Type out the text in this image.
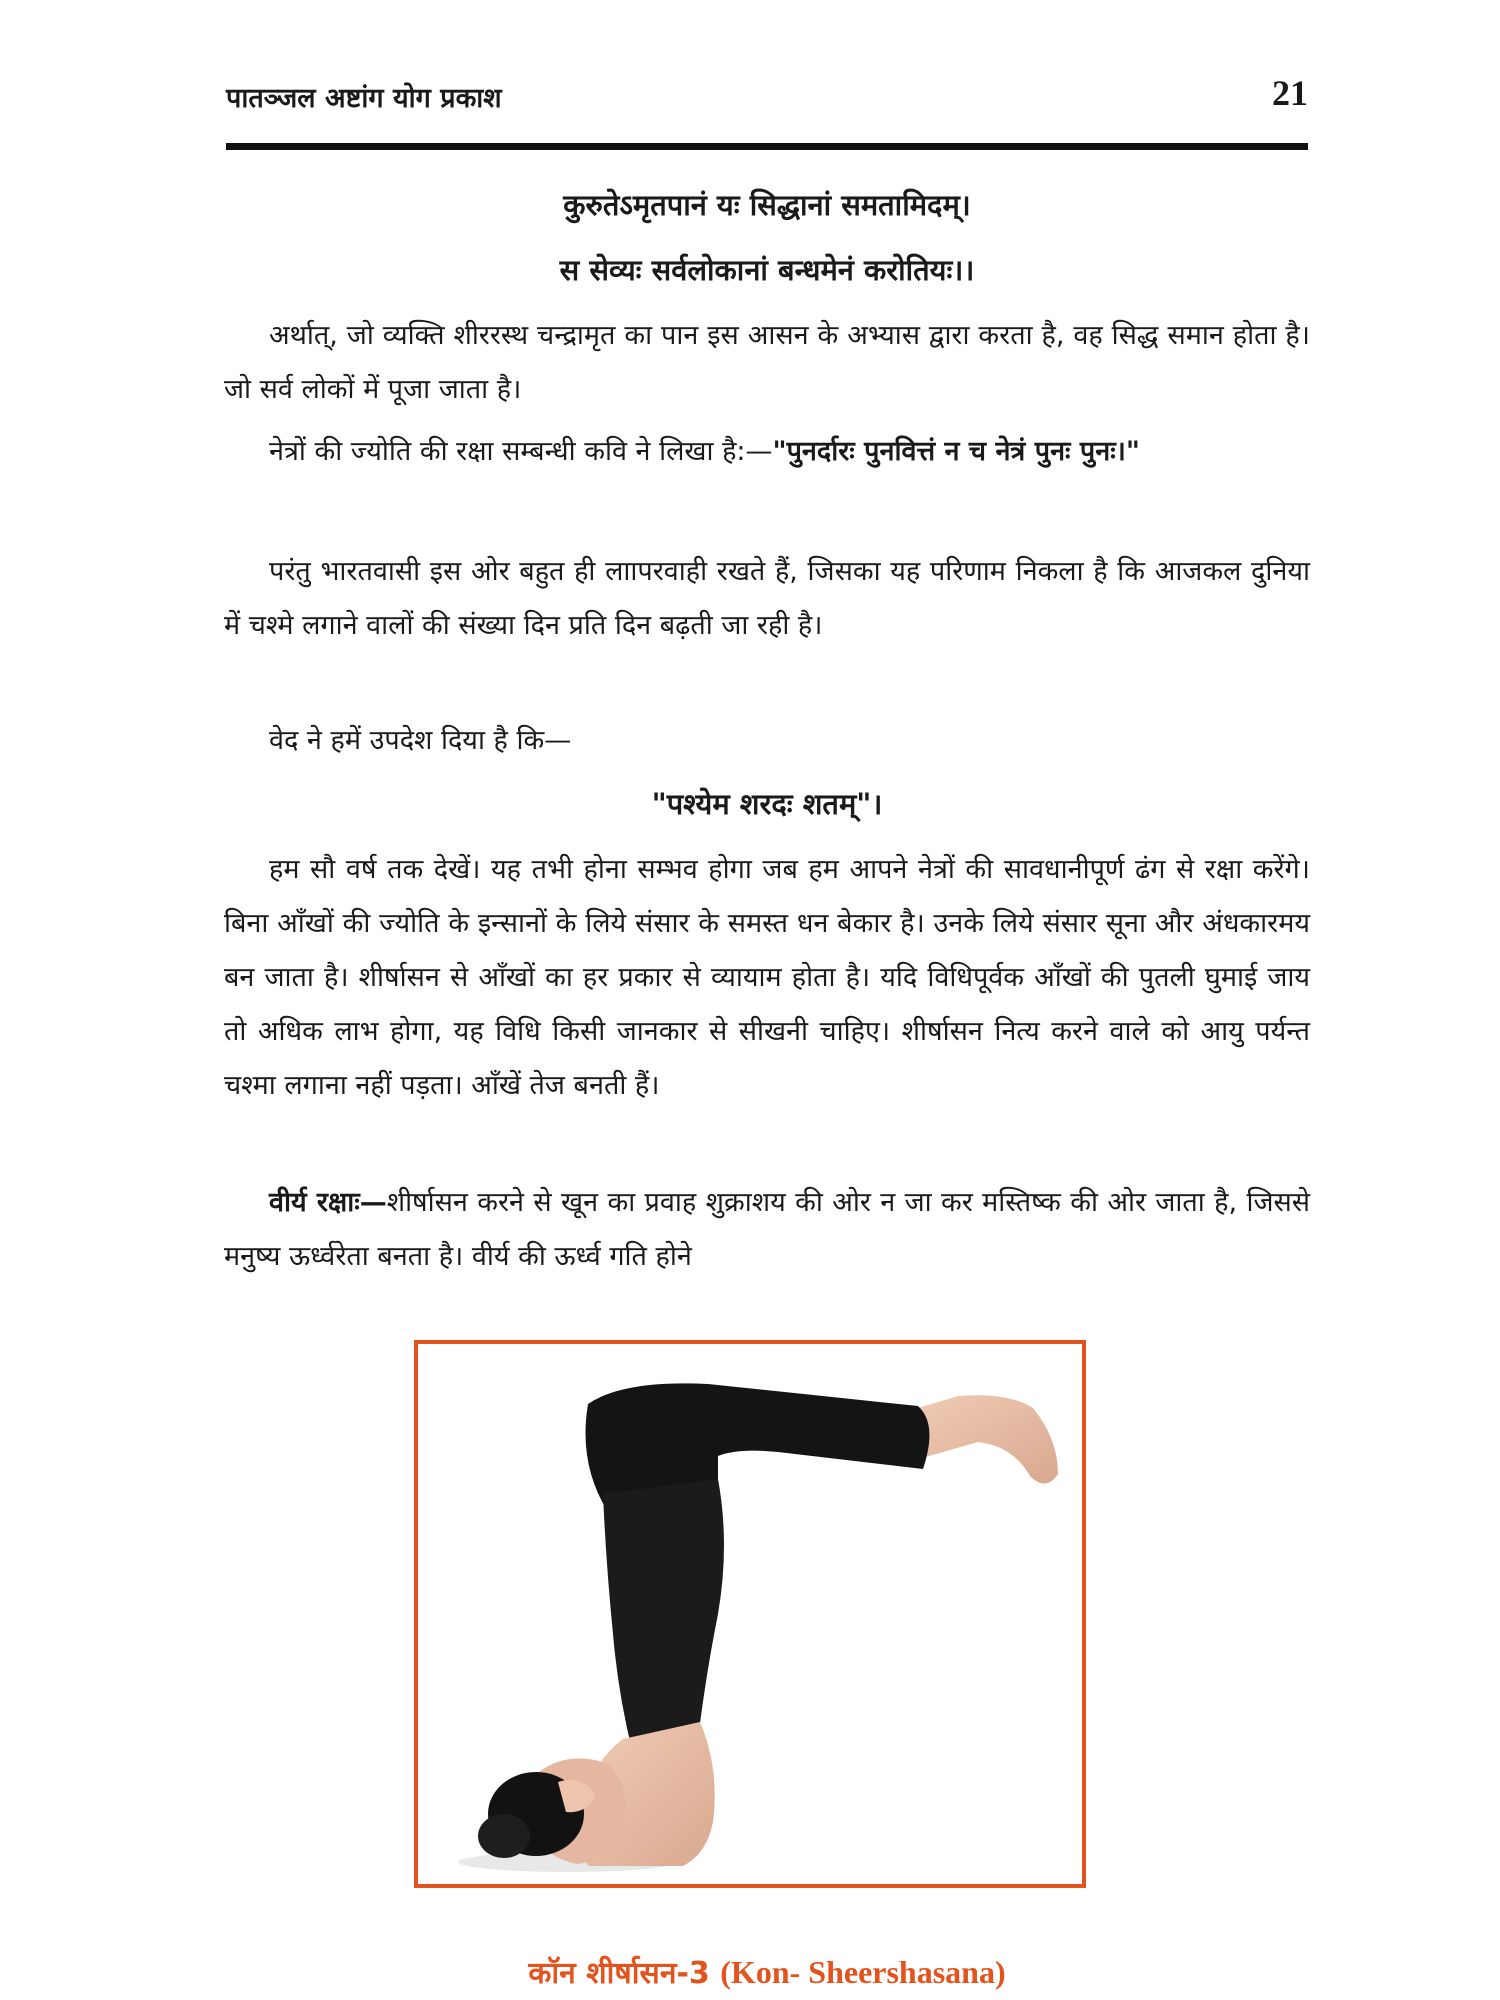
पातञ्जल अष्टांग योग प्रकाश	21
कुरुतेऽमृतपानं यः सिद्धानां समतामिदम्।
स सेव्यः सर्वलोकानां बन्धमेनं करोतियः।।
अर्थात्, जो व्यक्ति शीररस्थ चन्द्रामृत का पान इस आसन के अभ्यास द्वारा करता है, वह सिद्ध समान होता है। जो सर्व लोकों में पूजा जाता है।
नेत्रों की ज्योति की रक्षा सम्बन्धी कवि ने लिखा है:—"पुनर्दारः पुनवित्तं न च नेत्रं पुनः पुनः।"
परंतु भारतवासी इस ओर बहुत ही लाापरवाही रखते हैं, जिसका यह परिणाम निकला है कि आजकल दुनिया में चश्मे लगाने वालों की संख्या दिन प्रति दिन बढ़ती जा रही है।
वेद ने हमें उपदेश दिया है कि—
"पश्येम शरदः शतम्"।
हम सौ वर्ष तक देखें। यह तभी होना सम्भव होगा जब हम आपने नेत्रों की सावधानीपूर्ण ढंग से रक्षा करेंगे। बिना आँखों की ज्योति के इन्सानों के लिये संसार के समस्त धन बेकार है। उनके लिये संसार सूना और अंधकारमय बन जाता है। शीर्षासन से आँखों का हर प्रकार से व्यायाम होता है। यदि विधिपूर्वक आँखों की पुतली घुमाई जाय तो अधिक लाभ होगा, यह विधि किसी जानकार से सीखनी चाहिए। शीर्षासन नित्य करने वाले को आयु पर्यन्त चश्मा लगाना नहीं पड़ता। आँखें तेज बनती हैं।
वीर्य रक्षाः—शीर्षासन करने से खून का प्रवाह शुक्राशय की ओर न जा कर मस्तिष्क की ओर जाता है, जिससे मनुष्य ऊर्ध्वरेता बनता है। वीर्य की ऊर्ध्व गति होने
कॉन शीर्षासन-3 (Kon- Sheershasana)
